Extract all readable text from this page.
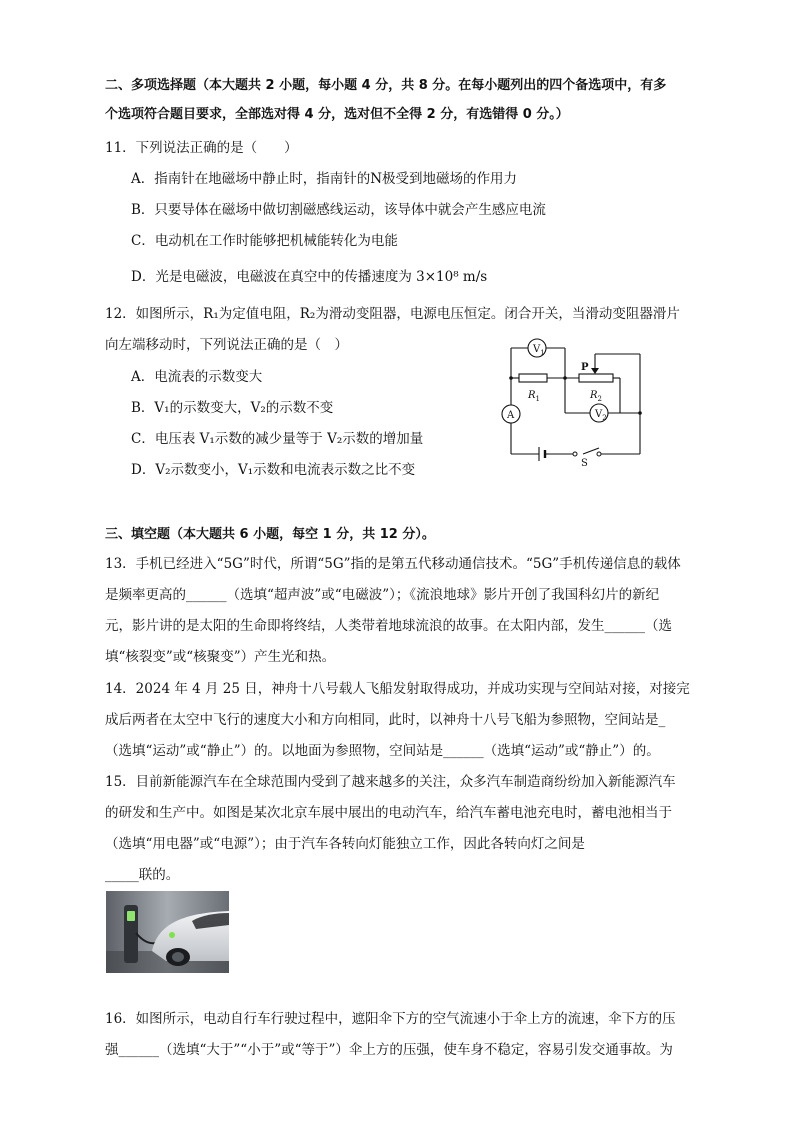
二、多项选择题（本大题共 2 小题，每小题 4 分，共 8 分。在每小题列出的四个备选项中，有多
个选项符合题目要求，全部选对得 4 分，选对但不全得 2 分，有选错得 0 分。）
11．下列说法正确的是（　　）
A．指南针在地磁场中静止时，指南针的N极受到地磁场的作用力
B．只要导体在磁场中做切割磁感线运动，该导体中就会产生感应电流
C．电动机在工作时能够把机械能转化为电能
D．光是电磁波，电磁波在真空中的传播速度为 3×10⁸ m/s
12．如图所示，R₁为定值电阻，R₂为滑动变阻器，电源电压恒定。闭合开关，当滑动变阻器滑片
向左端移动时，下列说法正确的是（　）
A．电流表的示数变大
B．V₁的示数变大，V₂的示数不变
C．电压表 V₁示数的减少量等于 V₂示数的增加量
D．V₂示数变小，V₁示数和电流表示数之比不变
$V_1$
$V_2$
A
$R_1$	$R_2$
P
S
三、填空题（本大题共 6 小题，每空 1 分，共 12 分）。
13．手机已经进入“5G”时代，所谓“5G”指的是第五代移动通信技术。“5G”手机传递信息的载体
是频率更高的______（选填“超声波”或“电磁波”）；《流浪地球》影片开创了我国科幻片的新纪
元，影片讲的是太阳的生命即将终结，人类带着地球流浪的故事。在太阳内部，发生______（选
填“核裂变”或“核聚变”）产生光和热。
14．2024 年 4 月 25 日，神舟十八号载人飞船发射取得成功，并成功实现与空间站对接，对接完
成后两者在太空中飞行的速度大小和方向相同，此时，以神舟十八号飞船为参照物，空间站是_
（选填“运动”或“静止”）的。以地面为参照物，空间站是______（选填“运动”或“静止”）的。
15．目前新能源汽车在全球范围内受到了越来越多的关注，众多汽车制造商纷纷加入新能源汽车
的研发和生产中。如图是某次北京车展中展出的电动汽车，给汽车蓄电池充电时，蓄电池相当于
（选填“用电器”或“电源”）；由于汽车各转向灯能独立工作，因此各转向灯之间是
_____联的。
16．如图所示，电动自行车行驶过程中，遮阳伞下方的空气流速小于伞上方的流速，伞下方的压
强______（选填“大于”“小于”或“等于”）伞上方的压强，使车身不稳定，容易引发交通事故。为
